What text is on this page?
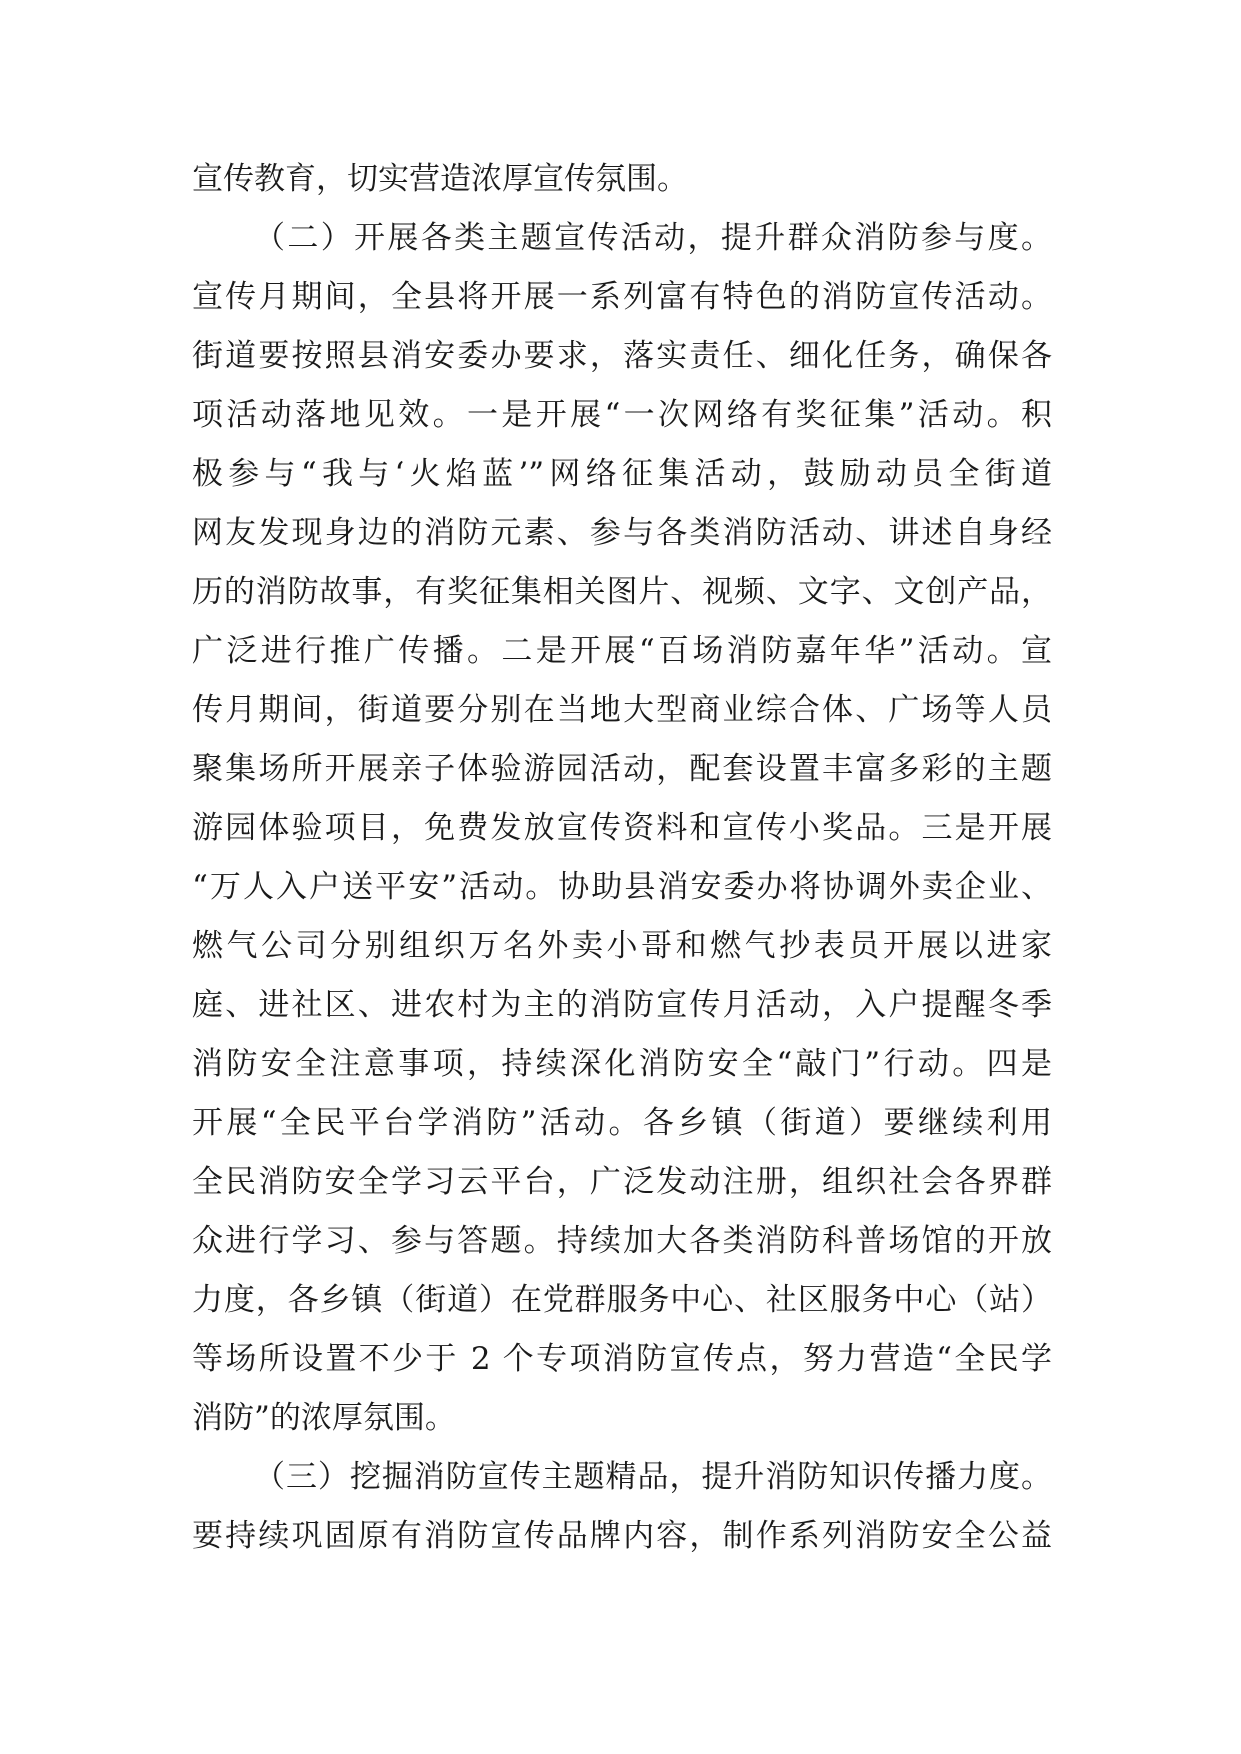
宣传教育，切实营造浓厚宣传氛围。
（二）开展各类主题宣传活动，提升群众消防参与度。
宣传月期间，全县将开展一系列富有特色的消防宣传活动。
街道要按照县消安委办要求，落实责任、细化任务，确保各
项活动落地见效。一是开展“一次网络有奖征集”活动。积
极参与“我与‘火焰蓝’”网络征集活动，鼓励动员全街道
网友发现身边的消防元素、参与各类消防活动、讲述自身经
历的消防故事，有奖征集相关图片、视频、文字、文创产品，
广泛进行推广传播。二是开展“百场消防嘉年华”活动。宣
传月期间，街道要分别在当地大型商业综合体、广场等人员
聚集场所开展亲子体验游园活动，配套设置丰富多彩的主题
游园体验项目，免费发放宣传资料和宣传小奖品。三是开展
“万人入户送平安”活动。协助县消安委办将协调外卖企业、
燃气公司分别组织万名外卖小哥和燃气抄表员开展以进家
庭、进社区、进农村为主的消防宣传月活动，入户提醒冬季
消防安全注意事项，持续深化消防安全“敲门”行动。四是
开展“全民平台学消防”活动。各乡镇（街道）要继续利用
全民消防安全学习云平台，广泛发动注册，组织社会各界群
众进行学习、参与答题。持续加大各类消防科普场馆的开放
力度，各乡镇（街道）在党群服务中心、社区服务中心（站）
等场所设置不少于 2 个专项消防宣传点，努力营造“全民学
消防”的浓厚氛围。
（三）挖掘消防宣传主题精品，提升消防知识传播力度。
要持续巩固原有消防宣传品牌内容，制作系列消防安全公益
